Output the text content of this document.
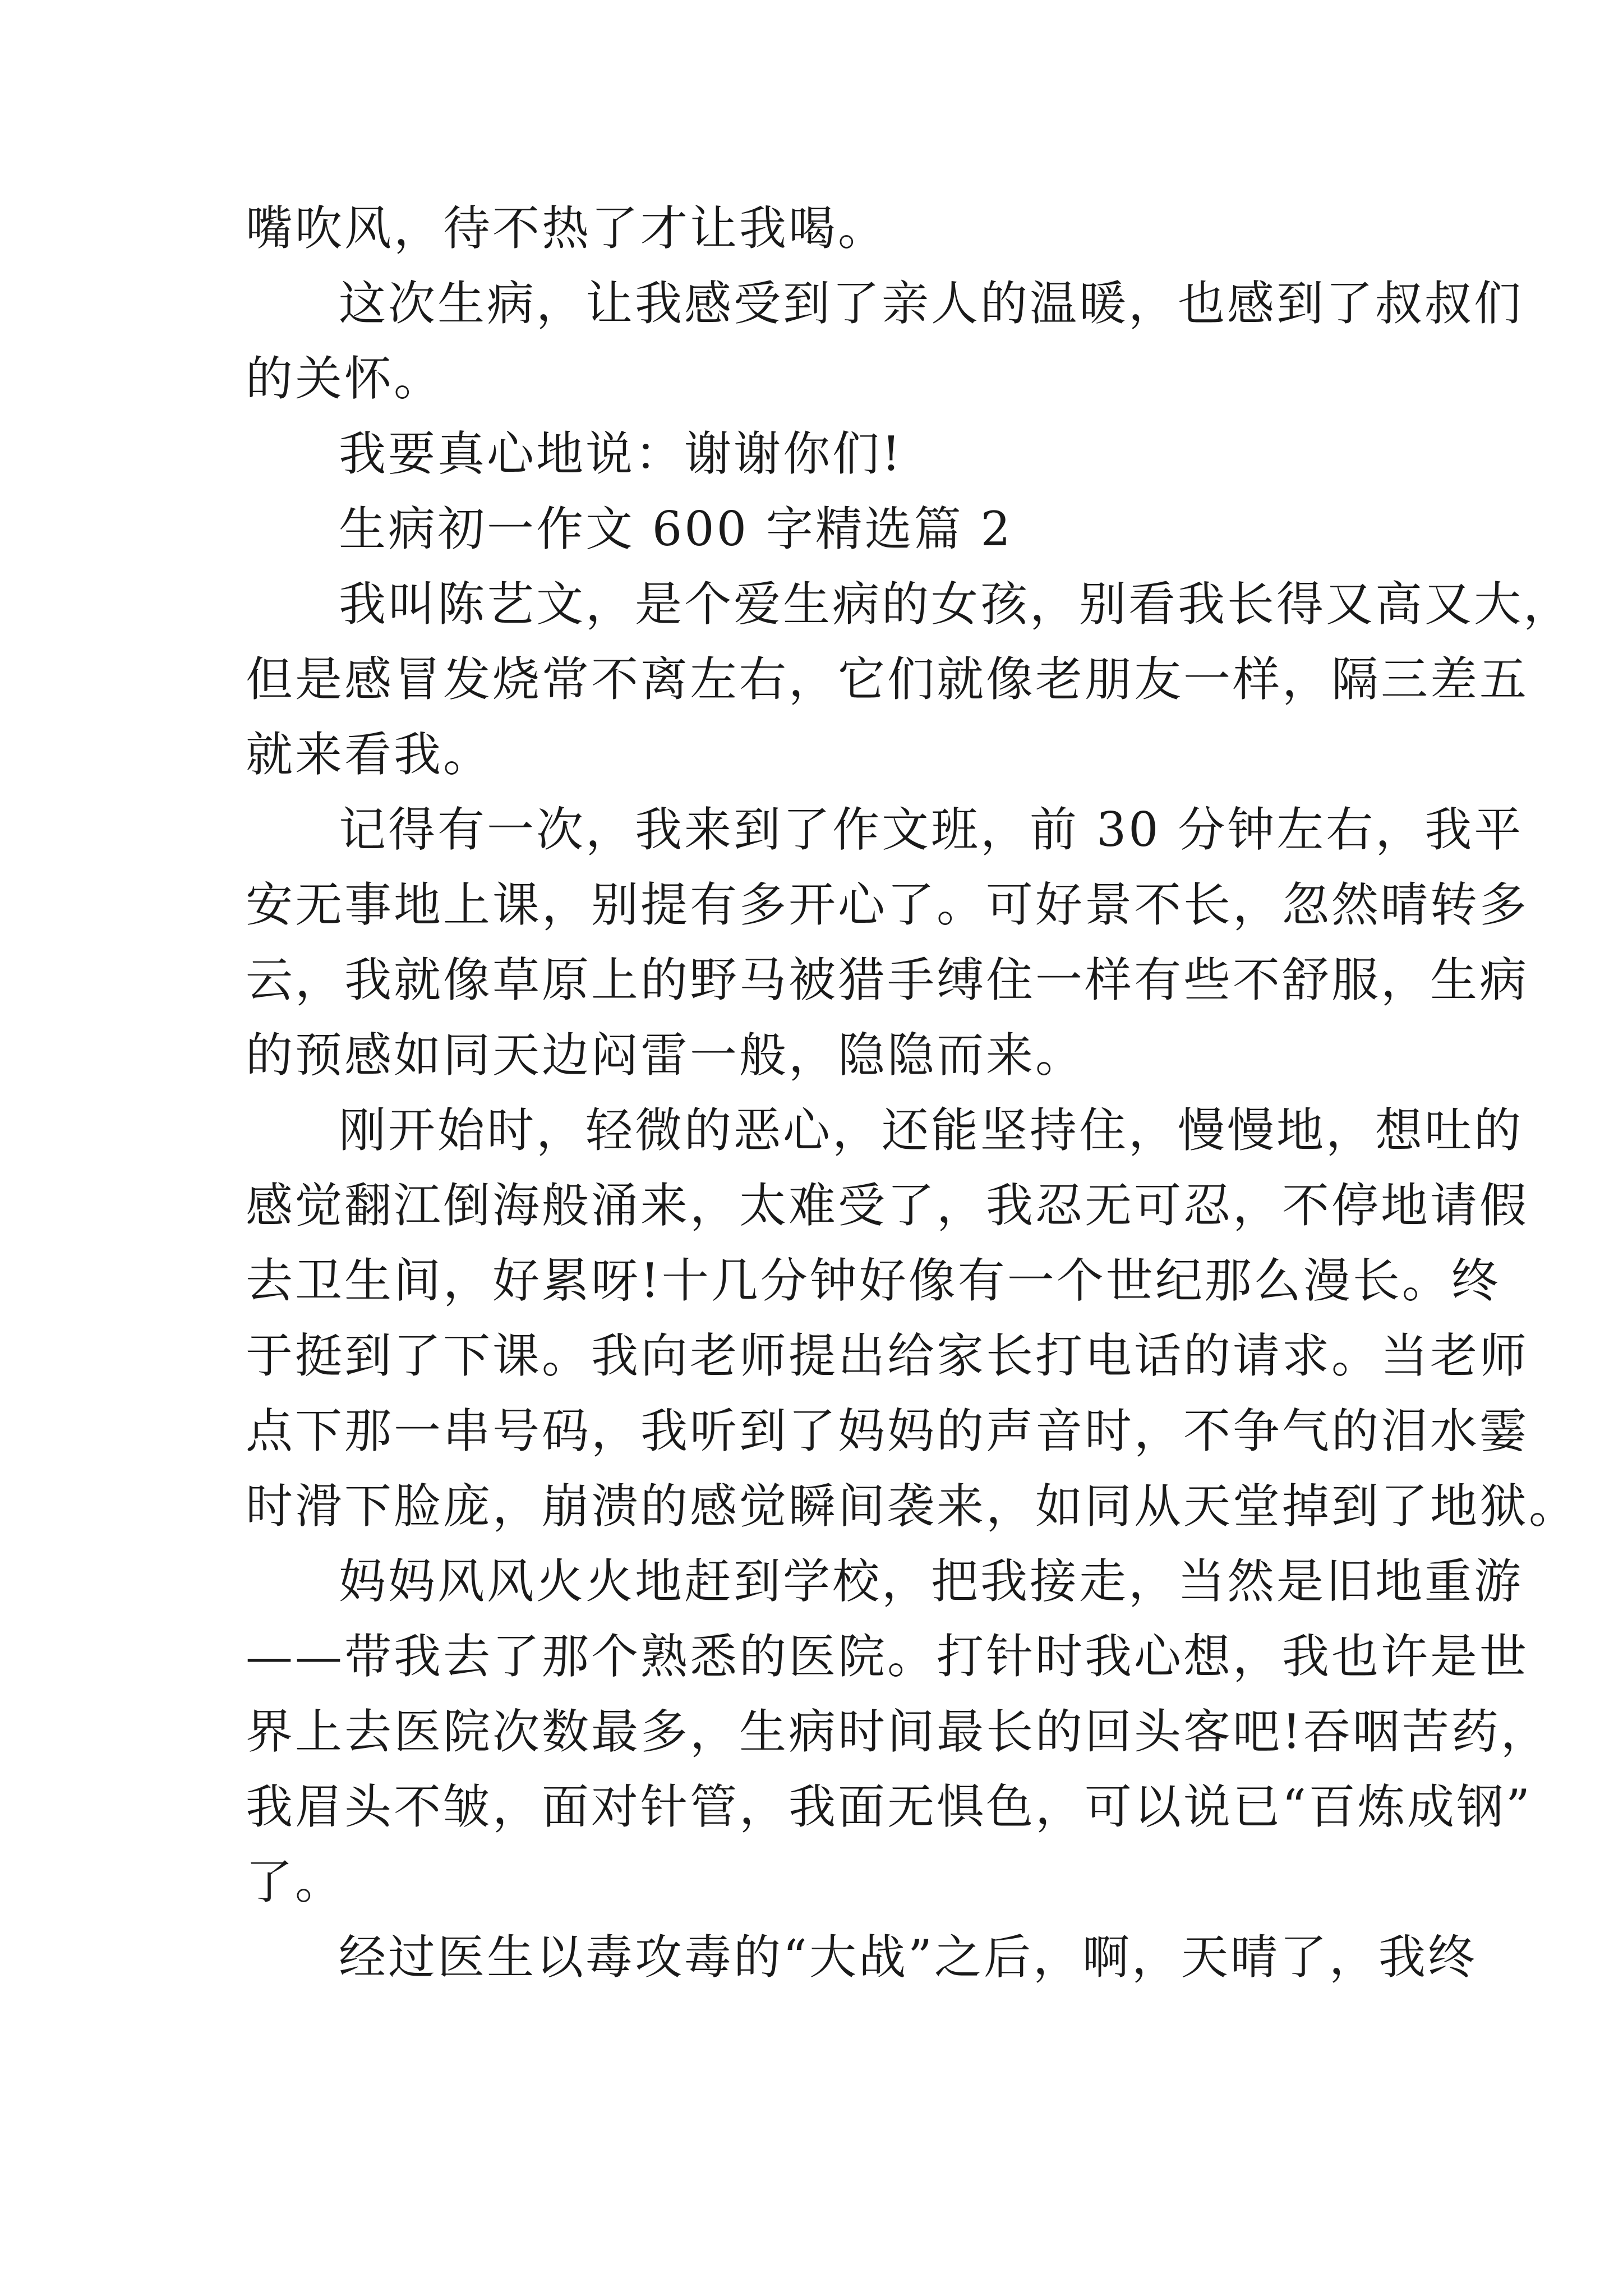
嘴吹风，待不热了才让我喝。
这次生病，让我感受到了亲人的温暖，也感到了叔叔们
的关怀。
我要真心地说：谢谢你们!
生病初一作文 600 字精选篇 2
我叫陈艺文，是个爱生病的女孩，别看我长得又高又大，
但是感冒发烧常不离左右，它们就像老朋友一样，隔三差五
就来看我。
记得有一次，我来到了作文班，前 30 分钟左右，我平
安无事地上课，别提有多开心了。可好景不长，忽然晴转多
云，我就像草原上的野马被猎手缚住一样有些不舒服，生病
的预感如同天边闷雷一般，隐隐而来。
刚开始时，轻微的恶心，还能坚持住，慢慢地，想吐的
感觉翻江倒海般涌来，太难受了，我忍无可忍，不停地请假
去卫生间，好累呀!十几分钟好像有一个世纪那么漫长。终
于挺到了下课。我向老师提出给家长打电话的请求。当老师
点下那一串号码，我听到了妈妈的声音时，不争气的泪水霎
时滑下脸庞，崩溃的感觉瞬间袭来，如同从天堂掉到了地狱。
妈妈风风火火地赶到学校，把我接走，当然是旧地重游
——带我去了那个熟悉的医院。打针时我心想，我也许是世
界上去医院次数最多，生病时间最长的回头客吧!吞咽苦药，
我眉头不皱，面对针管，我面无惧色，可以说已“百炼成钢”
了。
经过医生以毒攻毒的“大战”之后，啊，天晴了，我终
